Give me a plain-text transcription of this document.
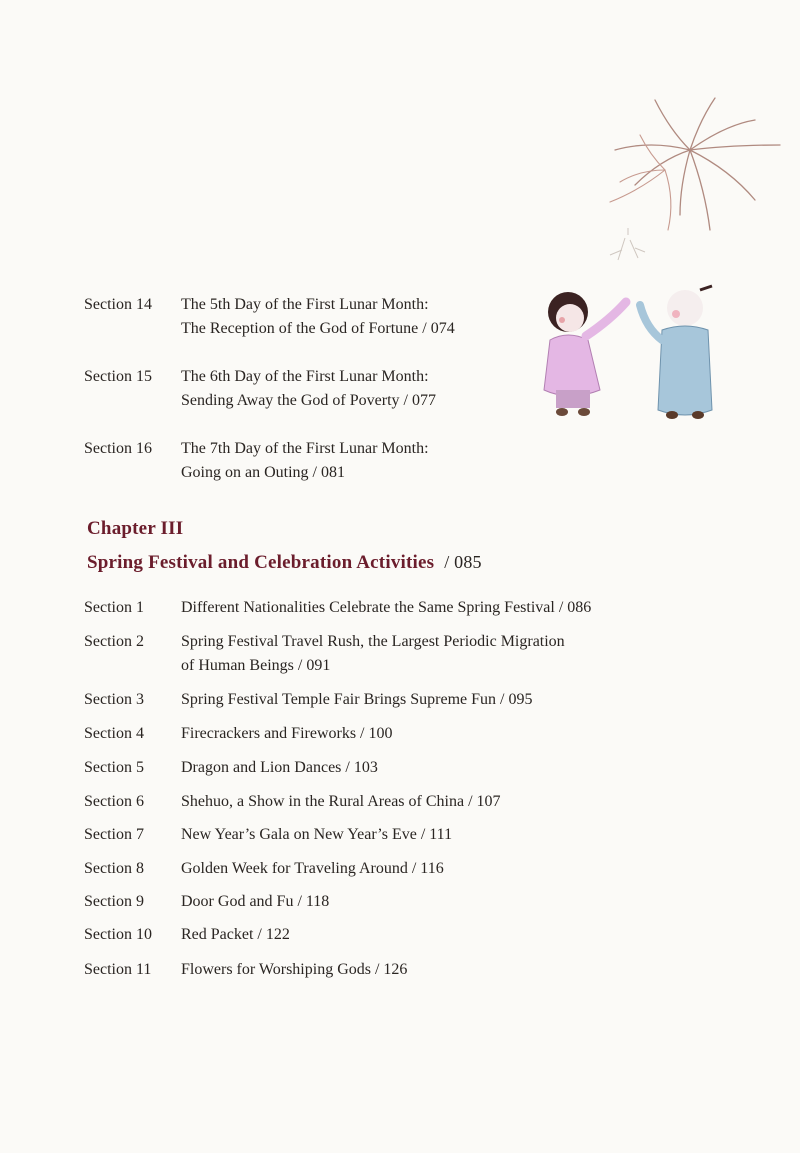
Section 14 The 5th Day of the First Lunar Month:
The Reception of the God of Fortune / 074
Section 15 The 6th Day of the First Lunar Month:
Sending Away the God of Poverty / 077
Section 16 The 7th Day of the First Lunar Month:
Going on an Outing / 081
Chapter III
Spring Festival and Celebration Activities / 085
Section 1 Different Nationalities Celebrate the Same Spring Festival / 086
Section 2 Spring Festival Travel Rush, the Largest Periodic Migration
of Human Beings / 091
Section 3 Spring Festival Temple Fair Brings Supreme Fun / 095
Section 4 Firecrackers and Fireworks / 100
Section 5 Dragon and Lion Dances / 103
Section 6 Shehuo, a Show in the Rural Areas of China / 107
Section 7 New Year’s Gala on New Year’s Eve / 111
Section 8 Golden Week for Traveling Around / 116
Section 9 Door God and Fu / 118
Section 10 Red Packet / 122
Section 11 Flowers for Worshiping Gods / 126
